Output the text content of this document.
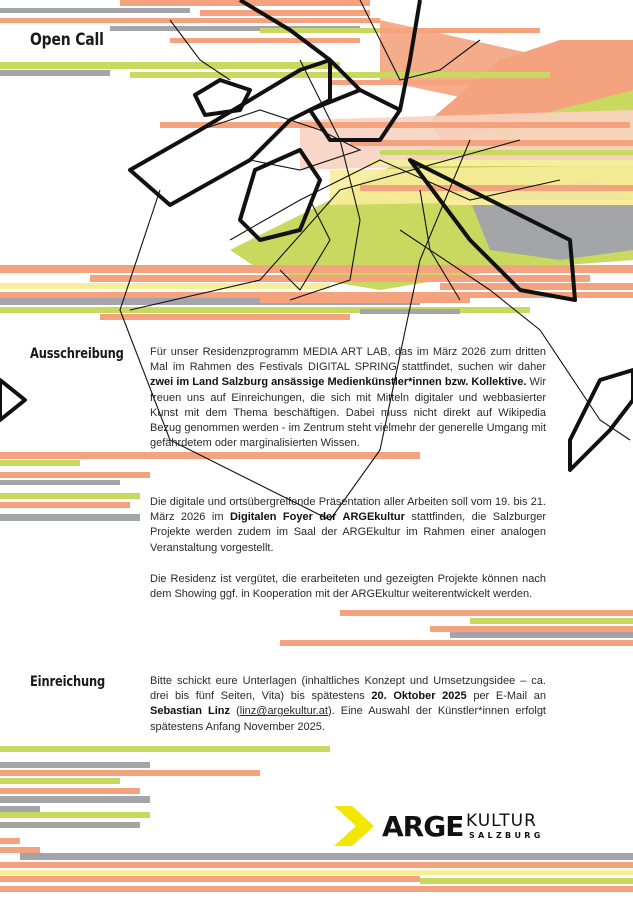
Open Call
Ausschreibung Für unser Residenzprogramm MEDIA ART LAB, das im März 2026 zum dritten Mal im Rahmen des Festivals DIGITAL SPRING stattfindet, suchen wir daher zwei im Land Salzburg ansässige Medienkünstler*innen bzw. Kollektive. Wir freuen uns auf Einreichungen, die sich mit Mitteln digitaler und webbasierter Kunst mit dem Thema beschäftigen. Dabei muss nicht direkt auf Wikipedia Bezug genommen werden - im Zentrum steht vielmehr der generelle Umgang mit gefährdetem oder marginalisierten Wissen.

Die digitale und ortsübergreifende Präsentation aller Arbeiten soll vom 19. bis 21. März 2026 im Digitalen Foyer der ARGEkultur stattfinden, die Salzburger Projekte werden zudem im Saal der ARGEkultur im Rahmen einer analogen Veranstaltung vorgestellt.

Die Residenz ist vergütet, die erarbeiteten und gezeigten Projekte können nach dem Showing ggf. in Kooperation mit der ARGEkultur weiterentwickelt werden.

Einreichung	Bitte schickt eure Unterlagen (inhaltliches Konzept und Umsetzungsidee – ca. drei bis fünf Seiten, Vita) bis spätestens 20. Oktober 2025 per E-Mail an Sebastian Linz (linz@argekultur.at). Eine Auswahl der Künstler*innen erfolgt spätestens Anfang November 2025.

ARGE KULTUR
SALZBURG
